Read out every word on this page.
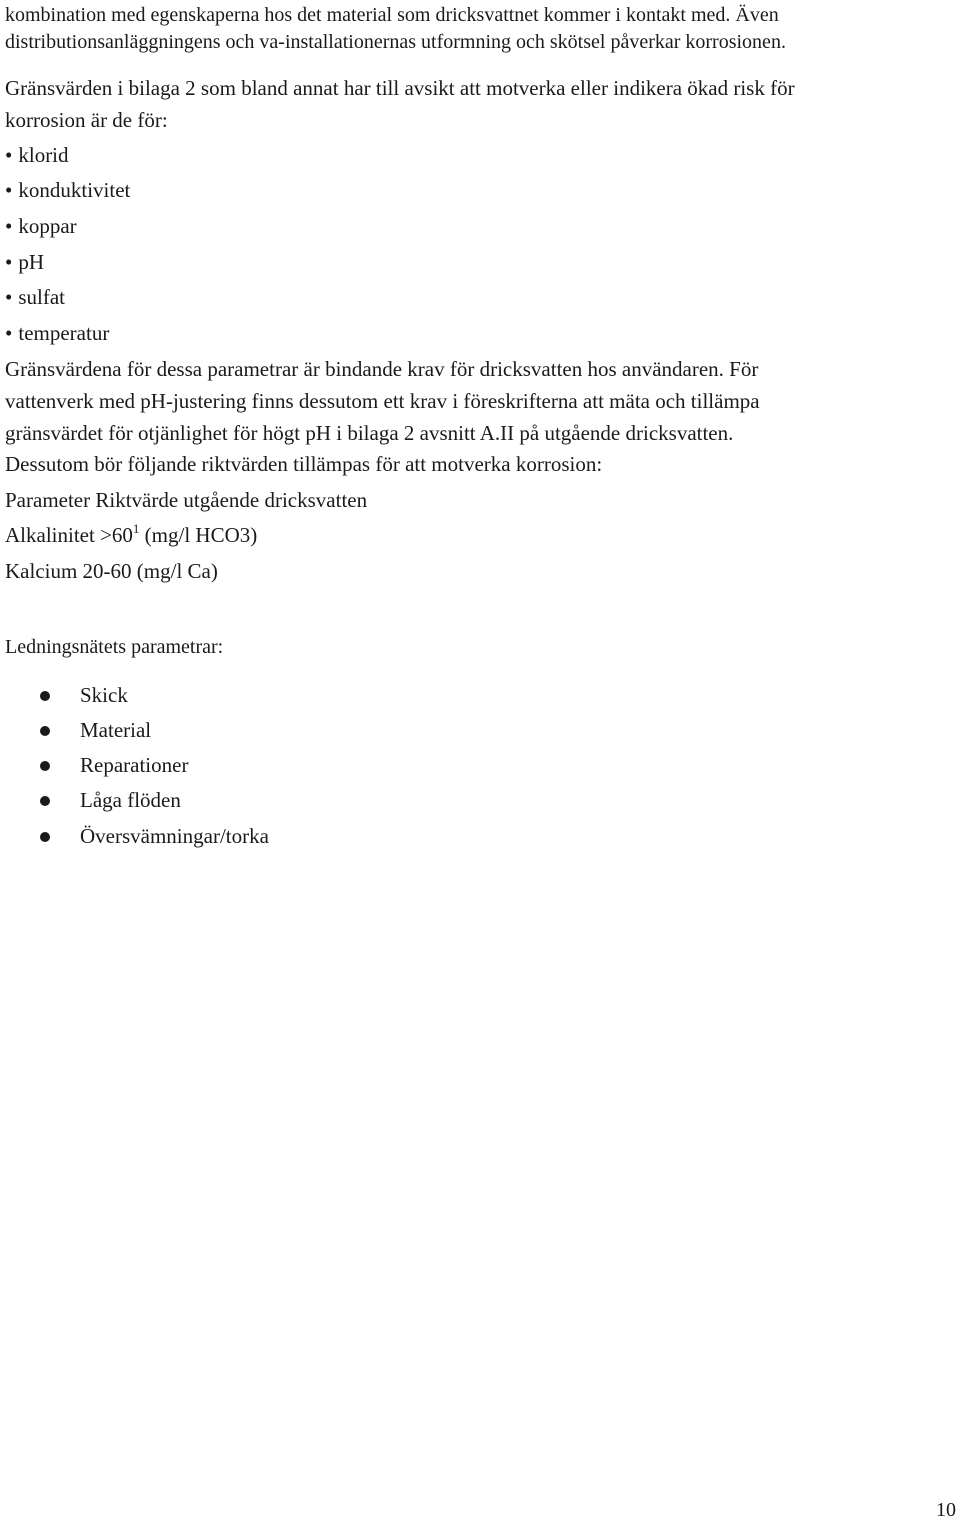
kombination med egenskaperna hos det material som dricksvattnet kommer i kontakt med. Även
distributionsanläggningens och va-installationernas utformning och skötsel påverkar korrosionen.
Gränsvärden i bilaga 2 som bland annat har till avsikt att motverka eller indikera ökad risk för
korrosion är de för:
• klorid
• konduktivitet
• koppar
• pH
• sulfat
• temperatur
Gränsvärdena för dessa parametrar är bindande krav för dricksvatten hos användaren. För
vattenverk med pH-justering finns dessutom ett krav i föreskrifterna att mäta och tillämpa
gränsvärdet för otjänlighet för högt pH i bilaga 2 avsnitt A.II på utgående dricksvatten.
Dessutom bör följande riktvärden tillämpas för att motverka korrosion:
Parameter Riktvärde utgående dricksvatten
Alkalinitet $>60^1$ (mg/l HCO3)
Kalcium 20-60 (mg/l Ca)
Ledningsnätets parametrar:
Skick
Material
Reparationer
Låga flöden
Översvämningar/torka
10
